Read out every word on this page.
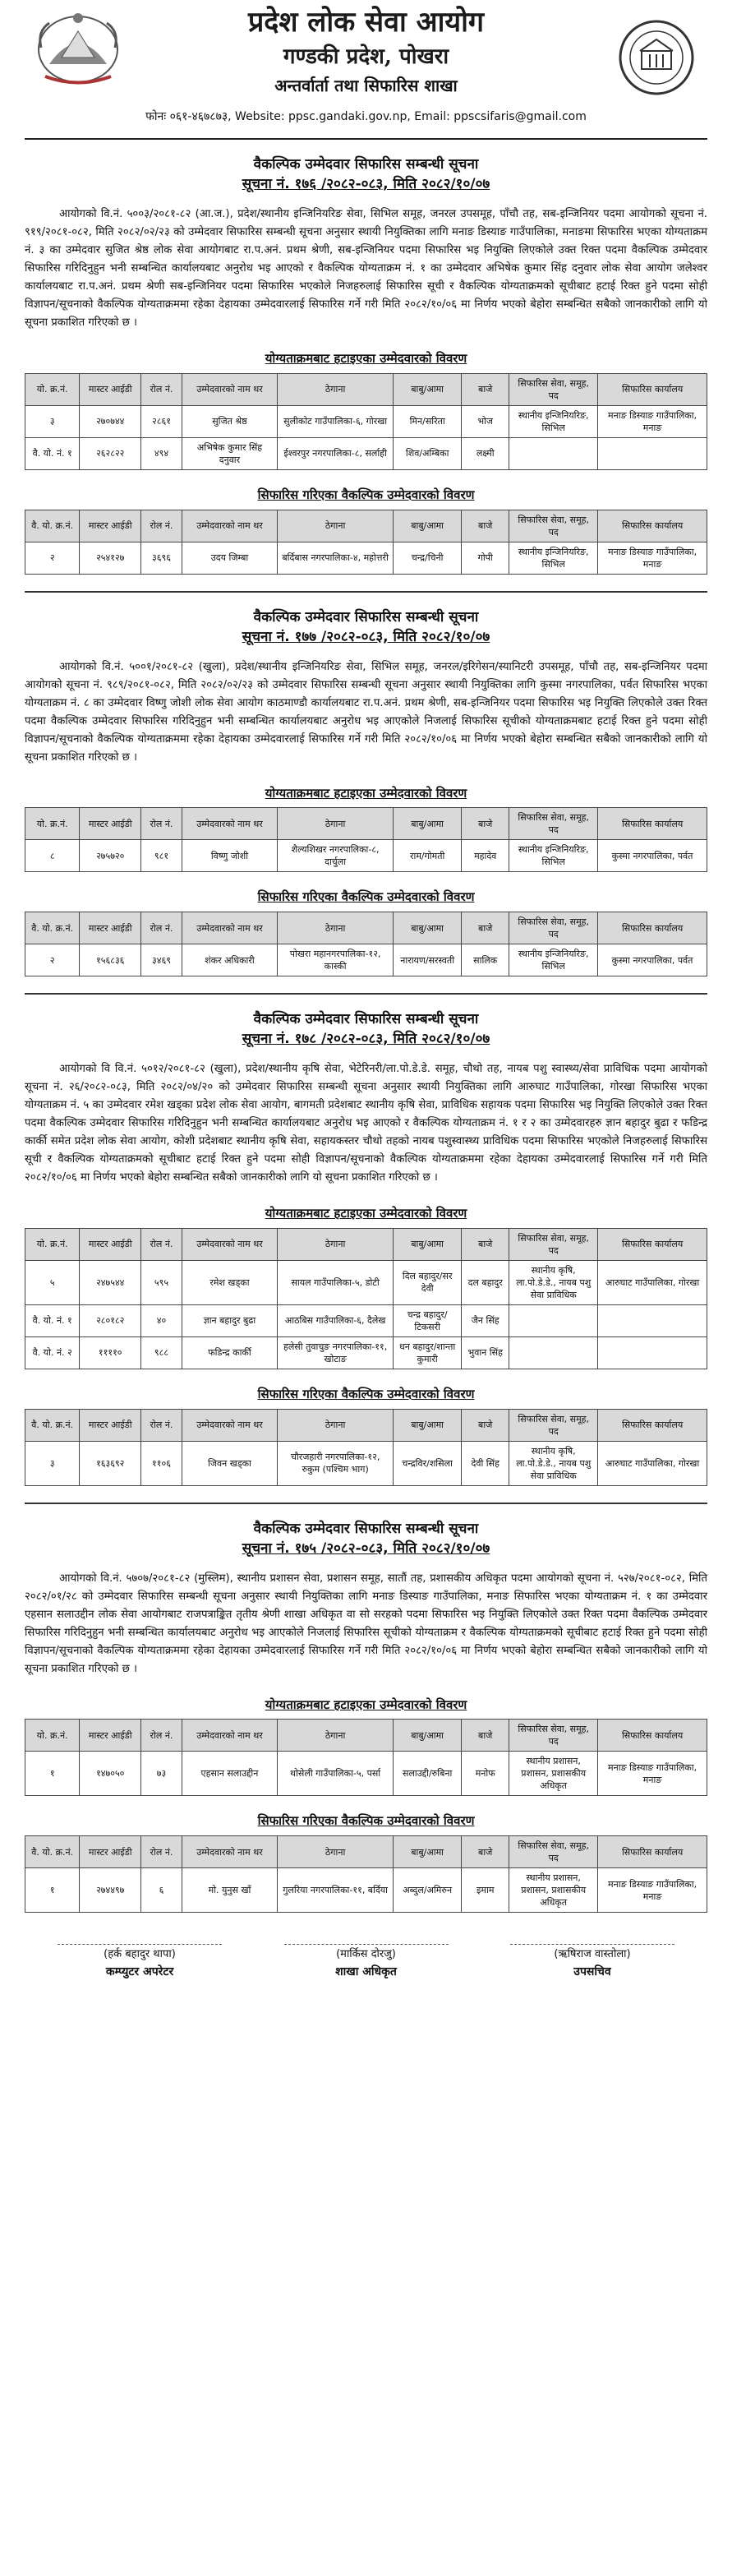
प्रदेश लोक सेवा आयोग
गण्डकी प्रदेश, पोखरा
अन्तर्वार्ता तथा सिफारिस शाखा
फोनः ०६१-४६७८७३, Website: ppsc.gandaki.gov.np, Email: ppscsifaris@gmail.com
वैकल्पिक उम्मेदवार सिफारिस सम्बन्धी सूचना
सूचना नं. १७६ /२०८२-०८३, मिति २०८२/१०/०७

आयोगको वि.नं. ५००३/२०८१-८२ (आ.ज.), प्रदेश/स्थानीय इन्जिनियरिङ सेवा, सिभिल समूह, जनरल उपसमूह, पाँचौ तह, सब-इन्जिनियर पदमा आयोगको सूचना नं. ९१९/२०८१-०८२, मिति २०८२/०२/२३ को उम्मेदवार सिफारिस सम्बन्धी सूचना अनुसार स्थायी नियुक्तिका लागि मनाङ डिस्याङ गाउँपालिका, मनाङमा सिफारिस भएका योग्यताक्रम नं. ३ का उम्मेदवार सुजित श्रेष्ठ लोक सेवा आयोगबाट रा.प.अनं. प्रथम श्रेणी, सब-इन्जिनियर पदमा सिफारिस भइ नियुक्ति लिएकोले उक्त रिक्त पदमा वैकल्पिक उम्मेदवार सिफारिस गरिदिनुहुन भनी सम्बन्धित कार्यालयबाट अनुरोध भइ आएको र वैकल्पिक योग्यताक्रम नं. १ का उम्मेदवार अभिषेक कुमार सिंह दनुवार लोक सेवा आयोग जलेश्वर कार्यालयबाट रा.प.अनं. प्रथम श्रेणी सब-इन्जिनियर पदमा सिफारिस भएकोले निजहरुलाई सिफारिस सूची र वैकल्पिक योग्यताक्रमको सूचीबाट हटाई रिक्त हुने पदमा सोही विज्ञापन/सूचनाको वैकल्पिक योग्यताक्रममा रहेका देहायका उम्मेदवारलाई सिफारिस गर्ने गरी मिति २०८२/१०/०६ मा निर्णय भएको बेहोरा सम्बन्धित सबैको जानकारीको लागि यो सूचना प्रकाशित गरिएको छ ।

योग्यताक्रमबाट हटाइएका उम्मेदवारको विवरण
यो. क्र.नं.	मास्टर आईडी	रोल नं.	उम्मेदवारको नाम थर	ठेगाना	बाबु/आमा	बाजे	सिफारिस सेवा, समूह, पद	सिफारिस कार्यालय
३	२७०७४४	२८६१	सुजित श्रेष्ठ	सुलीकोट गाउँपालिका-६, गोरखा	मिन/सरिता	भोज	स्थानीय इन्जिनियरिङ, सिभिल	मनाङ डिस्याङ गाउँपालिका, मनाङ
वै. यो. नं. १	२६२८२२	४९४	अभिषेक कुमार सिंह दनुवार	ईश्वरपुर नगरपालिका-८, सर्लाही	शिव/अम्बिका	लक्ष्मी		
सिफारिस गरिएका वैकल्पिक उम्मेदवारको विवरण
वै. यो. क्र.नं.	मास्टर आईडी	रोल नं.	उम्मेदवारको नाम थर	ठेगाना	बाबु/आमा	बाजे	सिफारिस सेवा, समूह, पद	सिफारिस कार्यालय
२	२५४१२७	३६९६	उदय जिम्बा	बर्दिबास नगरपालिका-४, महोत्तरी	चन्द्र/चिनी	गोपी	स्थानीय इन्जिनियरिङ, सिभिल	मनाङ डिस्याङ गाउँपालिका, मनाङ
वैकल्पिक उम्मेदवार सिफारिस सम्बन्धी सूचना
सूचना नं. १७७ /२०८२-०८३, मिति २०८२/१०/०७

आयोगको वि.नं. ५००१/२०८१-८२ (खुला), प्रदेश/स्थानीय इन्जिनियरिङ सेवा, सिभिल समूह, जनरल/इरिगेसन/स्यानिटरी उपसमूह, पाँचौ तह, सब-इन्जिनियर पदमा आयोगको सूचना नं. ९८९/२०८१-०८२, मिति २०८२/०२/२३ को उम्मेदवार सिफारिस सम्बन्धी सूचना अनुसार स्थायी नियुक्तिका लागि कुस्मा नगरपालिका, पर्वत सिफारिस भएका योग्यताक्रम नं. ८ का उम्मेदवार विष्णु जोशी लोक सेवा आयोग काठमाण्डौ कार्यालयबाट रा.प.अनं. प्रथम श्रेणी, सब-इन्जिनियर पदमा सिफारिस भइ नियुक्ति लिएकोले उक्त रिक्त पदमा वैकल्पिक उम्मेदवार सिफारिस गरिदिनुहुन भनी सम्बन्धित कार्यालयबाट अनुरोध भइ आएकोले निजलाई सिफारिस सूचीको योग्यताक्रमबाट हटाई रिक्त हुने पदमा सोही विज्ञापन/सूचनाको वैकल्पिक योग्यताक्रममा रहेका देहायका उम्मेदवारलाई सिफारिस गर्ने गरी मिति २०८२/१०/०६ मा निर्णय भएको बेहोरा सम्बन्धित सबैको जानकारीको लागि यो सूचना प्रकाशित गरिएको छ ।

योग्यताक्रमबाट हटाइएका उम्मेदवारको विवरण
यो. क्र.नं.	मास्टर आईडी	रोल नं.	उम्मेदवारको नाम थर	ठेगाना	बाबु/आमा	बाजे	सिफारिस सेवा, समूह, पद	सिफारिस कार्यालय
८	२७५७२०	९८१	विष्णु जोशी	शैल्यशिखर नगरपालिका-८, दार्चुला	राम/गोमती	महादेव	स्थानीय इन्जिनियरिङ, सिभिल	कुस्मा नगरपालिका, पर्वत
सिफारिस गरिएका वैकल्पिक उम्मेदवारको विवरण
वै. यो. क्र.नं.	मास्टर आईडी	रोल नं.	उम्मेदवारको नाम थर	ठेगाना	बाबु/आमा	बाजे	सिफारिस सेवा, समूह, पद	सिफारिस कार्यालय
२	१५६८३६	३४६९	शंकर अधिकारी	पोखरा महानगरपालिका-१२, कास्की	नारायण/सरस्वती	सालिक	स्थानीय इन्जिनियरिङ, सिभिल	कुस्मा नगरपालिका, पर्वत
वैकल्पिक उम्मेदवार सिफारिस सम्बन्धी सूचना
सूचना नं. १७८ /२०८२-०८३, मिति २०८२/१०/०७

आयोगको वि वि.नं. ५०१२/२०८१-८२ (खुला), प्रदेश/स्थानीय कृषि सेवा, भेटेरिनरी/ला.पो.डे.डे. समूह, चौथो तह, नायब पशु स्वास्थ्य/सेवा प्राविधिक पदमा आयोगको सूचना नं. २६/२०८२-०८३, मिति २०८२/०४/२० को उम्मेदवार सिफारिस सम्बन्धी सूचना अनुसार स्थायी नियुक्तिका लागि आरुघाट गाउँपालिका, गोरखा सिफारिस भएका योग्यताक्रम नं. ५ का उम्मेदवार रमेश खड्का प्रदेश लोक सेवा आयोग, बागमती प्रदेशबाट स्थानीय कृषि सेवा, प्राविधिक सहायक पदमा सिफारिस भइ नियुक्ति लिएकोले उक्त रिक्त पदमा वैकल्पिक उम्मेदवार सिफारिस गरिदिनुहुन भनी सम्बन्धित कार्यालयबाट अनुरोध भइ आएको र वैकल्पिक योग्यताक्रम नं. १ र २ का उम्मेदवारहरु ज्ञान बहादुर बुढा र फडिन्द्र कार्की समेत प्रदेश लोक सेवा आयोग, कोशी प्रदेशबाट स्थानीय कृषि सेवा, सहायकस्तर चौथो तहको नायब पशुस्वास्थ्य प्राविधिक पदमा सिफारिस भएकोले निजहरुलाई सिफारिस सूची र वैकल्पिक योग्यताक्रमको सूचीबाट हटाई रिक्त हुने पदमा सोही विज्ञापन/सूचनाको वैकल्पिक योग्यताक्रममा रहेका देहायका उम्मेदवारलाई सिफारिस गर्ने गरी मिति २०८२/१०/०६ मा निर्णय भएको बेहोरा सम्बन्धित सबैको जानकारीको लागि यो सूचना प्रकाशित गरिएको छ ।

योग्यताक्रमबाट हटाइएका उम्मेदवारको विवरण
यो. क्र.नं.	मास्टर आईडी	रोल नं.	उम्मेदवारको नाम थर	ठेगाना	बाबु/आमा	बाजे	सिफारिस सेवा, समूह, पद	सिफारिस कार्यालय
५	२४७५४४	५९५	रमेश खड्का	सायल गाउँपालिका-५, डोटी	दिल बहादुर/सर देवी	दल बहादुर	स्थानीय कृषि, ला.पो.डे.डे., नायब पशु सेवा प्राविधिक	आरुघाट गाउँपालिका, गोरखा
वै. यो. नं. १	२८०१८२	४०	ज्ञान बहादुर बुढा	आठबिस गाउँपालिका-६, दैलेख	चन्द्र बहादुर/टिकसरी	जैन सिंह		
वै. यो. नं. २	११११०	९८८	फडिन्द्र कार्की	हलेसी तुवाचुङ नगरपालिका-११, खोटाङ	धन बहादुर/शान्ता कुमारी	भुवान सिंह		
सिफारिस गरिएका वैकल्पिक उम्मेदवारको विवरण
वै. यो. क्र.नं.	मास्टर आईडी	रोल नं.	उम्मेदवारको नाम थर	ठेगाना	बाबु/आमा	बाजे	सिफारिस सेवा, समूह, पद	सिफारिस कार्यालय
३	१६३६९२	११०६	जिवन खड्का	चौरजहारी नगरपालिका-१२, रुकुम (पश्चिम भाग)	चन्द्रविर/शसिला	देवी सिंह	स्थानीय कृषि, ला.पो.डे.डे., नायब पशु सेवा प्राविधिक	आरुघाट गाउँपालिका, गोरखा
वैकल्पिक उम्मेदवार सिफारिस सम्बन्धी सूचना
सूचना नं. १७५ /२०८२-०८३, मिति २०८२/१०/०७

आयोगको वि.नं. ५७०७/२०८१-८२ (मुस्लिम), स्थानीय प्रशासन सेवा, प्रशासन समूह, सातौं तह, प्रशासकीय अधिकृत पदमा आयोगको सूचना नं. ५२७/२०८१-०८२, मिति २०८२/०१/२८ को उम्मेदवार सिफारिस सम्बन्धी सूचना अनुसार स्थायी नियुक्तिका लागि मनाङ डिस्याङ गाउँपालिका, मनाङ सिफारिस भएका योग्यताक्रम नं. १ का उम्मेदवार एहसान सलाउद्दीन लोक सेवा आयोगबाट राजपत्राङ्कित तृतीय श्रेणी शाखा अधिकृत वा सो सरहको पदमा सिफारिस भइ नियुक्ति लिएकोले उक्त रिक्त पदमा वैकल्पिक उम्मेदवार सिफारिस गरिदिनुहुन भनी सम्बन्धित कार्यालयबाट अनुरोध भइ आएकोले निजलाई सिफारिस सूचीको योग्यताक्रम र वैकल्पिक योग्यताक्रमको सूचीबाट हटाई रिक्त हुने पदमा सोही विज्ञापन/सूचनाको वैकल्पिक योग्यताक्रममा रहेका देहायका उम्मेदवारलाई सिफारिस गर्ने गरी मिति २०८२/१०/०६ मा निर्णय भएको बेहोरा सम्बन्धित सबैको जानकारीको लागि यो सूचना प्रकाशित गरिएको छ ।

योग्यताक्रमबाट हटाइएका उम्मेदवारको विवरण
यो. क्र.नं.	मास्टर आईडी	रोल नं.	उम्मेदवारको नाम थर	ठेगाना	बाबु/आमा	बाजे	सिफारिस सेवा, समूह, पद	सिफारिस कार्यालय
१	१४७०५०	७३	एहसान सलाउद्दीन	थोसेली गाउँपालिका-५, पर्सा	सलाउद्दी/रुबिना	मनोफ	स्थानीय प्रशासन, प्रशासन, प्रशासकीय अधिकृत	मनाङ डिस्याङ गाउँपालिका, मनाङ
सिफारिस गरिएका वैकल्पिक उम्मेदवारको विवरण
वै. यो. क्र.नं.	मास्टर आईडी	रोल नं.	उम्मेदवारको नाम थर	ठेगाना	बाबु/आमा	बाजे	सिफारिस सेवा, समूह, पद	सिफारिस कार्यालय
१	२७४४९७	६	मो. युनुस खाँ	गुलरिया नगरपालिका-११, बर्दिया	अब्दुल/अमिरुन	इमाम	स्थानीय प्रशासन, प्रशासन, प्रशासकीय अधिकृत	मनाङ डिस्याङ गाउँपालिका, मनाङ
(हर्क बहादुर थापा)
कम्प्युटर अपरेटर
(मार्किस दोरजु)
शाखा अधिकृत
(ऋषिराज वास्तोला)
उपसचिव
